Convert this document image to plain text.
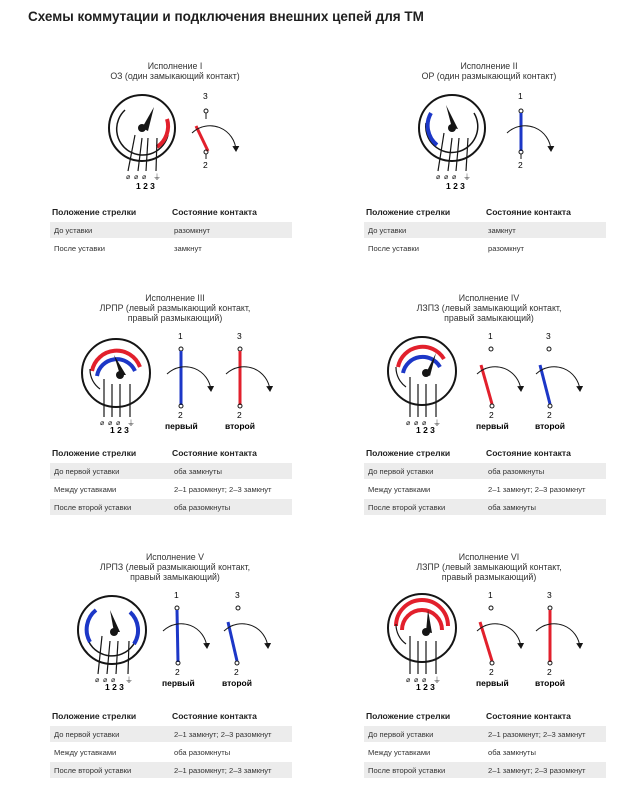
Схемы коммутации и подключения внешних цепей для ТМ
Исполнение I
ОЗ (один замыкающий контакт)
⌀ ⌀ ⌀ ⏚
1 2 3
3
2
Положение стрелки	Состояние контакта
До уставки	разомкнут
После уставки	замкнут
Исполнение II
ОР (один размыкающий контакт)
⌀ ⌀ ⌀ ⏚
1 2 3
1
2
Положение стрелки	Состояние контакта
До уставки	замкнут
После уставки	разомкнут
Исполнение III
ЛРПР (левый размыкающий контакт,
правый размыкающий)
⌀ ⌀ ⌀ ⏚
1 2 3
1
2
первый
3
2
второй
Положение стрелки	Состояние контакта
До первой уставки	оба замкнуты
Между уставками	2–1 разомкнут; 2–3 замкнут
После второй уставки	оба разомкнуты
Исполнение IV
ЛЗПЗ (левый замыкающий контакт,
правый замыкающий)
⌀ ⌀ ⌀ ⏚
1 2 3
1
2
первый
3
2
второй
Положение стрелки	Состояние контакта
До первой уставки	оба разомкнуты
Между уставками	2–1 замкнут; 2–3 разомкнут
После второй уставки	оба замкнуты
Исполнение V
ЛРПЗ (левый размыкающий контакт,
правый замыкающий)
⌀ ⌀ ⌀ ⏚
1 2 3
1
2
первый
3
2
второй
Положение стрелки	Состояние контакта
До первой уставки	2–1 замкнут; 2–3 разомкнут
Между уставками	оба разомкнуты
После второй уставки	2–1 разомкнут; 2–3 замкнут
Исполнение VI
ЛЗПР (левый замыкающий контакт,
правый размыкающий)
⌀ ⌀ ⌀ ⏚
1 2 3
1
2
первый
3
2
второй
Положение стрелки	Состояние контакта
До первой уставки	2–1 разомкнут; 2–3 замкнут
Между уставками	оба замкнуты
После второй уставки	2–1 замкнут; 2–3 разомкнут
